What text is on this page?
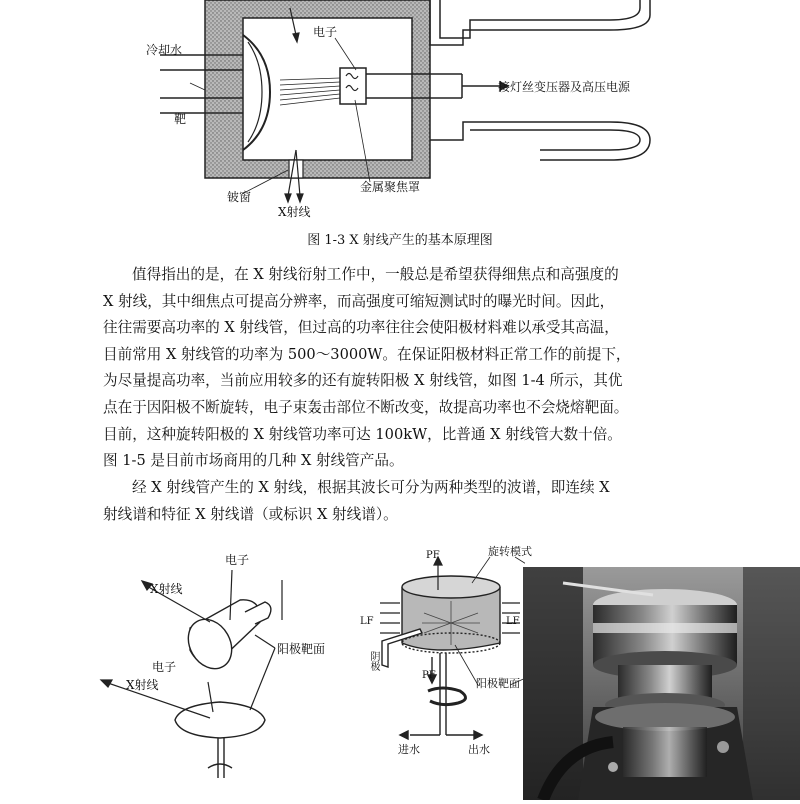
电子
冷却水
靶
接灯丝变压器及高压电源
铍窗
X射线
金属聚焦罩
图 1-3 X 射线产生的基本原理图
值得指出的是，在 X 射线衍射工作中，一般总是希望获得细焦点和高强度的
X 射线，其中细焦点可提高分辨率，而高强度可缩短测试时的曝光时间。因此，
往往需要高功率的 X 射线管，但过高的功率往往会使阳极材料难以承受其高温，
目前常用 X 射线管的功率为 500～3000W。在保证阳极材料正常工作的前提下，
为尽量提高功率，当前应用较多的还有旋转阳极 X 射线管，如图 1-4 所示，其优
点在于因阳极不断旋转，电子束轰击部位不断改变，故提高功率也不会烧熔靶面。
目前，这种旋转阳极的 X 射线管功率可达 100kW，比普通 X 射线管大数十倍。
图 1-5 是目前市场商用的几种 X 射线管产品。
经 X 射线管产生的 X 射线，根据其波长可分为两种类型的波谱，即连续 X
射线谱和特征 X 射线谱（或标识 X 射线谱）。
电子
X射线
阳极靶面
电子
X射线
PF	旋转模式
LF	LF
阴极
PF
阳极靶面
进水	出水
